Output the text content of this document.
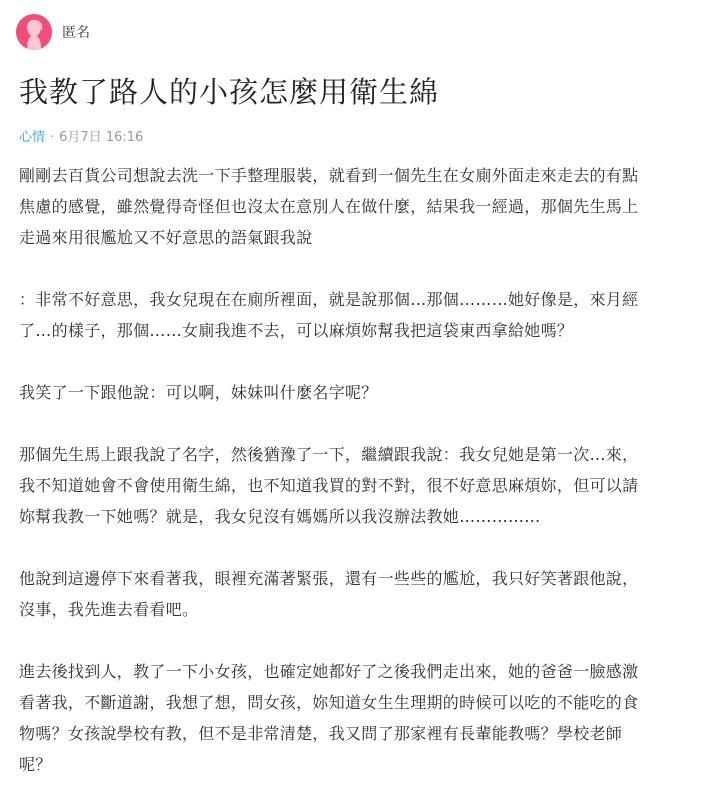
匿名
我教了路人的小孩怎麼用衛生綿
心情 · 6月7日 16:16

剛剛去百貨公司想說去洗一下手整理服裝，就看到一個先生在女廁外面走來走去的有點
焦慮的感覺，雖然覺得奇怪但也沒太在意別人在做什麼，結果我一經過，那個先生馬上
走過來用很尷尬又不好意思的語氣跟我說

：非常不好意思，我女兒現在在廁所裡面，就是說那個…那個………她好像是，來月經
了…的樣子，那個……女廁我進不去，可以麻煩妳幫我把這袋東西拿給她嗎？

我笑了一下跟他說：可以啊，妹妹叫什麼名字呢？

那個先生馬上跟我說了名字，然後猶豫了一下，繼續跟我說：我女兒她是第一次…來，
我不知道她會不會使用衛生綿，也不知道我買的對不對，很不好意思麻煩妳，但可以請
妳幫我教一下她嗎？就是，我女兒沒有媽媽所以我沒辦法教她……………

他說到這邊停下來看著我，眼裡充滿著緊張，還有一些些的尷尬，我只好笑著跟他說，
沒事，我先進去看看吧。

進去後找到人，教了一下小女孩，也確定她都好了之後我們走出來，她的爸爸一臉感激
看著我，不斷道謝，我想了想，問女孩，妳知道女生生理期的時候可以吃的不能吃的食
物嗎？女孩說學校有教，但不是非常清楚，我又問了那家裡有長輩能教嗎？學校老師
呢？
